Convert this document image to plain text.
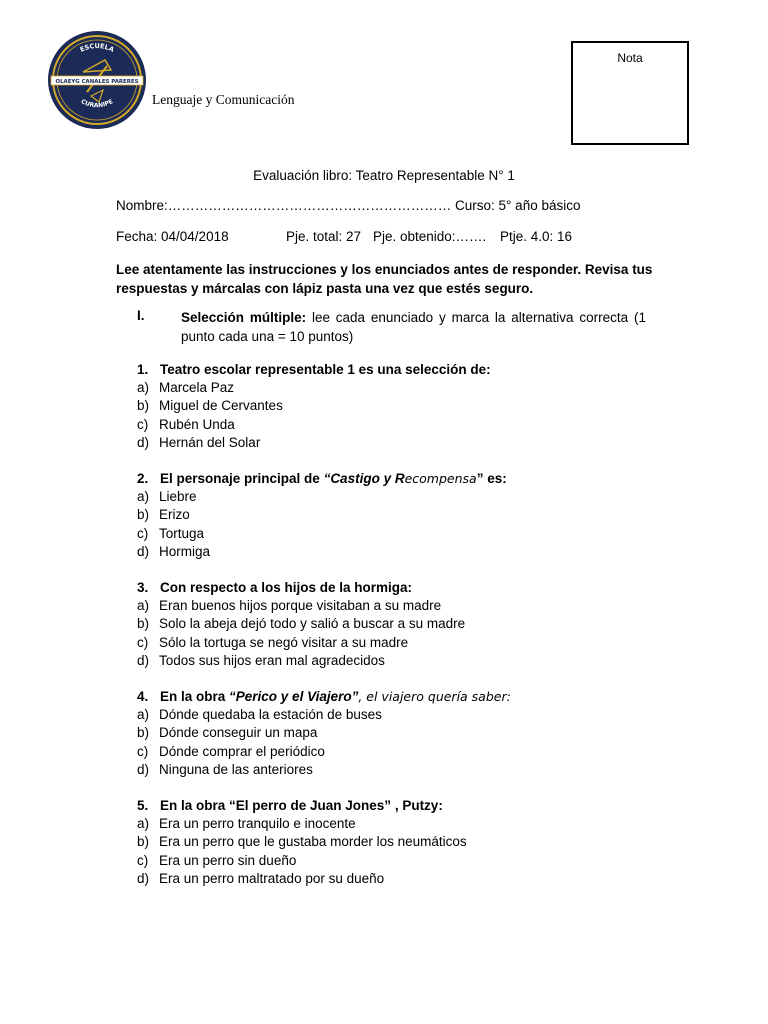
ESCUELA
CURANIPE
OLAEYG CANALES PARERES
Lenguaje y Comunicación
Nota
Evaluación libro: Teatro Representable N° 1
Nombre:……………………………………………………… Curso: 5° año básico
Fecha: 04/04/2018	Pje. total: 27 Pje. obtenido:……. Ptje. 4.0: 16
Lee atentamente las instrucciones y los enunciados antes de responder. Revisa tus respuestas y márcalas con lápiz pasta una vez que estés seguro.
I.	Selección múltiple: lee cada enunciado y marca la alternativa correcta (1 punto cada una = 10 puntos)
1. Teatro escolar representable 1 es una selección de:
a) Marcela Paz
b) Miguel de Cervantes
c) Rubén Unda
d) Hernán del Solar
2. El personaje principal de “Castigo y Recompensa” es:
a) Liebre
b) Erizo
c) Tortuga
d) Hormiga
3. Con respecto a los hijos de la hormiga:
a) Eran buenos hijos porque visitaban a su madre
b) Solo la abeja dejó todo y salió a buscar a su madre
c) Sólo la tortuga se negó visitar a su madre
d) Todos sus hijos eran mal agradecidos
4. En la obra “Perico y el Viajero”, el viajero quería saber:
a) Dónde quedaba la estación de buses
b) Dónde conseguir un mapa
c) Dónde comprar el periódico
d) Ninguna de las anteriores
5. En la obra “El perro de Juan Jones” , Putzy:
a) Era un perro tranquilo e inocente
b) Era un perro que le gustaba morder los neumáticos
c) Era un perro sin dueño
d) Era un perro maltratado por su dueño
